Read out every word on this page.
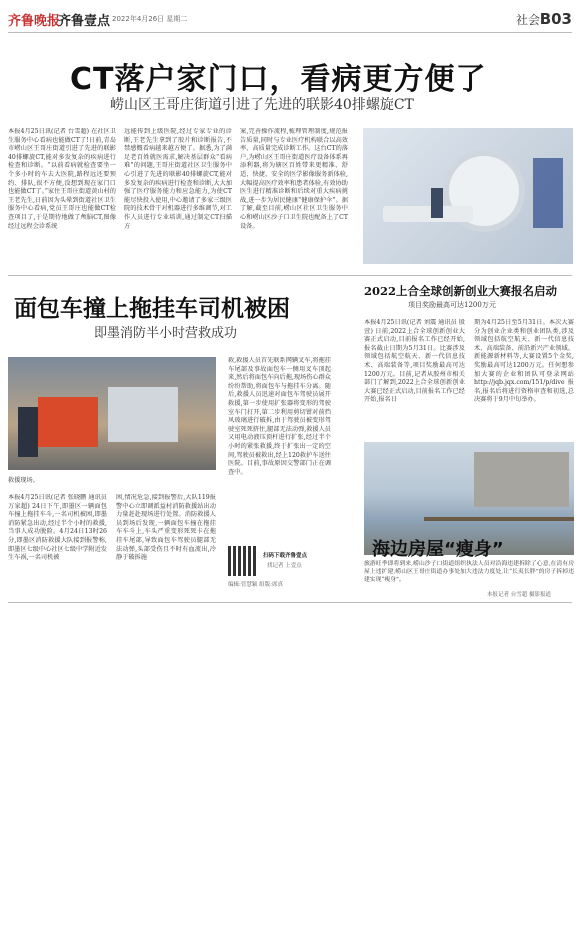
齐鲁晚报
齐鲁壹点 2022年4月26日 星期二	社会 B03
CT落户家门口，看病更方便了
崂山区王哥庄街道引进了先进的联影40排螺旋CT
本报4月25日讯(记者 台雪超) 在社区卫生服务中心看病也能做CT了!日前,青岛市崂山区王哥庄街道引进了先进的联影40排螺旋CT,能对多发复杂的疾病进行检查和诊断。“以前看病就检查要坐一个多小时的车去大医院,路程远还要预约、排队,很不方便,没想到现在家门口也能做CT了。”家住王哥庄街道黄山村的王老先生,日前因为头晕到街道社区卫生服务中心看病,党员王哥庄也能做CT检查项目了,于是期待地做了颅脑CT,图像经过远程会诊系统
远能传到上级医院,经过专家专业的诊断,王老先生拿到了胶片和诊断报告,不禁感慨看病越来越方便了。据悉,为了满足老百姓就医需求,解决基层群众“看病难”的问题,王哥庄街道社区卫生服务中心引进了先进的联影40排螺旋CT,能对多发复杂的疾病进行检查和诊断,大大加强了医疗服务能力和应急能力,为使CT能尽快投入使用,中心邀请了多家三级医院的技术骨干对机器进行多维调节,对工作人员进行专业培训,通过制定CT扫描方
案,完善操作流程,梳理管理制度,规范报告质量,同时与专业医疗机构联合以高效率、高质量完成诊断工作。这台CT的落户,为崂山区王哥庄街道医疗设备体系再添利器,将为辖区百姓带来更精准、舒适、快捷、安全的医学影像服务新体验,大幅提高医疗效率和患者体验,有效协助医生进行精准诊断和后续对重大疾病挑战,进一步为居民健康“健康保护伞”。据了解,截至目前,崂山区社区卫生服务中心和崂山区沙子口卫生院也配备上了CT设备。
面包车撞上拖挂车司机被困
即墨消防半小时营救成功
救援现场。
救,救援人员首先联系网辆叉车,将拖挂车尾部及事故面包车一侧用叉车顶起来,然后将面包车向后拖,现场伤心群众纷纷帮助,将面包车与拖挂车分离。随后,救援人员迅速对面包车驾驶员展开救援,第一步使用扩张器将变形的驾驶室车门打开,第二步利用剪切钳对前挡风玻璃进行破拆,由于驾驶员被变形驾驶室死死挤住,腿部无法动弹,救援人员又用电动液压顶杆进行扩张,经过半个小时的紧张救援,终于扩张出一定的空间,驾驶员被救出,经上120救护车送往医院。目前,事故原因交警部门正在调查中。
本报4月25日讯(记者 张晓鹏 通讯员 万家超) 24日下午,即墨区一辆面包车撞上拖挂车斗,一名司机被困,即墨消防紧急出动,经过半个小时的救援,当事人成功脱险。4月24日13时26分,即墨区消防救援大队接到报警称,即墨区七级中心社区七级中学附近发生车祸,一名司机被
困,情况危急,接到报警后,大队119报警中心立即调派益村消防救援站出动力量赶赴现场进行处置。消防救援人员到场后发现,一辆面包车撞在拖挂车车斗上,车头严重变形死死卡在拖挂车尾部,导致面包车驾驶员腿部无法动弹,头部受伤且不时有血流出,冷静于破拆施	扫码下载齐鲁壹点
找记者 上壹点
编辑:管慧颖 组版:席真
2022上合全球创新创业大赛报名启动
项目奖励最高可达1200万元
本报4月25日讯(记者 刘震 通讯员 殷萱) 日前,2022上合全球创新创业大赛正式启动,目前报名工作已经开始,报名截止日期为5月31日。比赛涉及领域包括航空航天、新一代信息技术、高端装备等,项目奖励最高可达1200万元。目前,记者从胶州市相关部门了解到,2022上合全球创新创业大赛已经正式启动,目前报名工作已经开始,报名日
期为4月25日至5月31日。本次大赛分为创业企业类和创业团队类,涉及领域包括航空航天、新一代信息技术、高端装备、前沿新兴产业领域、新能源新材料等,大赛设置5个金奖,奖励最高可达1200万元。任何想参加大赛的企业和团队可登录网站http://jqb.jqx.com/151/p/dive报名,报名后将进行资格审查和初选,总决赛将于9月中旬举办。
海边房屋“瘦身”
旅游旺季即将到来,崂山沙子口街道组织执法人员对沿海违建拆除了心意,在清有房屋上违扩建,崂山区王哥庄街道办事处加大违法力度处,让“长夷长胖”的房子拆掉违建实现“瘦身”。
本报记者 台雪超 摄影报道
